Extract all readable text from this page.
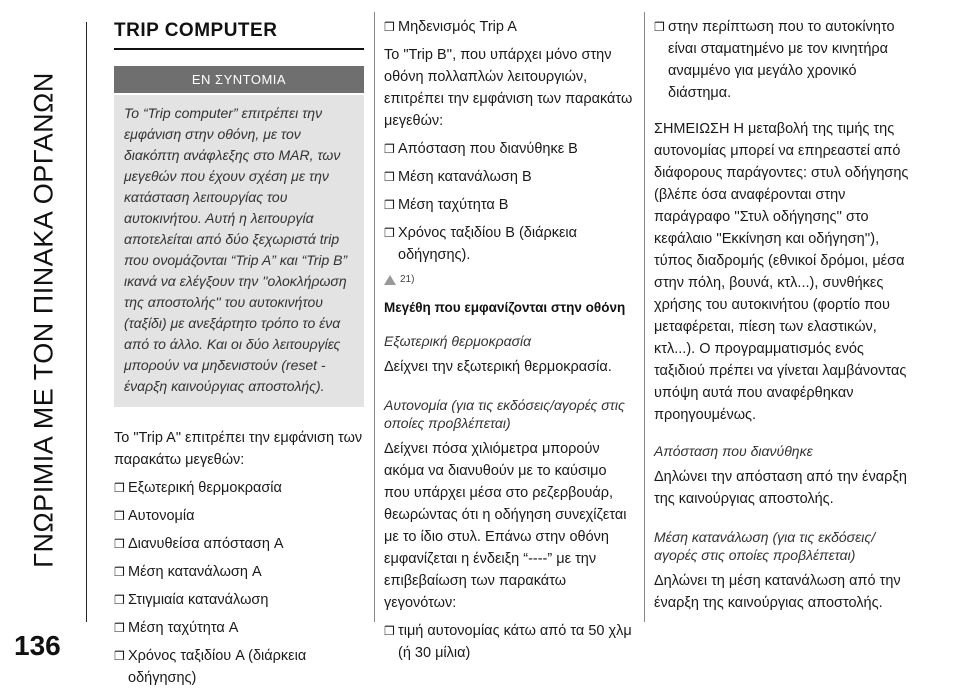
ΓΝΩΡΙΜΙΑ ΜΕ ΤΟΝ ΠΙΝΑΚΑ ΟΡΓΑΝΩΝ
136
TRIP COMPUTER
ΕΝ ΣΥΝΤΟΜΙΑ
Το “Trip computer” επιτρέπει την εμφάνιση στην οθόνη, με τον διακόπτη ανάφλεξης στο MAR, των μεγεθών που έχουν σχέση με την κατάσταση λειτουργίας του αυτοκινήτου. Αυτή η λειτουργία αποτελείται από δύο ξεχωριστά trip που ονομάζονται “Trip A” και “Trip B” ικανά να ελέγξουν την ''ολοκλήρωση της αποστολής'' του αυτοκινήτου (ταξίδι) με ανεξάρτητο τρόπο το ένα από το άλλο. Και οι δύο λειτουργίες μπορούν να μηδενιστούν (reset - έναρξη καινούργιας αποστολής).

Το "Trip A" επιτρέπει την εμφάνιση των παρακάτω μεγεθών:

❒ Εξωτερική θερμοκρασία
❒ Αυτονομία
❒ Διανυθείσα απόσταση A
❒ Μέση κατανάλωση A
❒ Στιγμιαία κατανάλωση
❒ Μέση ταχύτητα A
❒ Χρόνος ταξιδίου A (διάρκεια οδήγησης)
❒ Μηδενισμός Trip A

Το "Trip B'', που υπάρχει μόνο στην οθόνη πολλαπλών λειτουργιών, επιτρέπει την εμφάνιση των παρακάτω μεγεθών:

❒ Απόσταση που διανύθηκε B
❒ Μέση κατανάλωση B
❒ Μέση ταχύτητα B
❒ Χρόνος ταξιδίου B (διάρκεια οδήγησης).
21)
Μεγέθη που εμφανίζονται στην οθόνη
Εξωτερική θερμοκρασία

Δείχνει την εξωτερική θερμοκρασία.

Αυτονομία (για τις εκδόσεις/αγορές στις οποίες προβλέπεται)

Δείχνει πόσα χιλιόμετρα μπορούν ακόμα να διανυθούν με το καύσιμο που υπάρχει μέσα στο ρεζερβουάρ, θεωρώντας ότι η οδήγηση συνεχίζεται με το ίδιο στυλ. Επάνω στην οθόνη εμφανίζεται η ένδειξη “----” με την επιβεβαίωση των παρακάτω γεγονότων:

❒ τιμή αυτονομίας κάτω από τα 50 χλμ (ή 30 μίλια)
❒ στην περίπτωση που το αυτοκίνητο είναι σταματημένο με τον κινητήρα αναμμένο για μεγάλο χρονικό διάστημα.

ΣΗΜΕΙΩΣΗ Η μεταβολή της τιμής της αυτονομίας μπορεί να επηρεαστεί από διάφορους παράγοντες: στυλ οδήγησης (βλέπε όσα αναφέρονται στην παράγραφο ''Στυλ οδήγησης'' στο κεφάλαιο ''Εκκίνηση και οδήγηση''), τύπος διαδρομής (εθνικοί δρόμοι, μέσα στην πόλη, βουνά, κτλ...), συνθήκες χρήσης του αυτοκινήτου (φορτίο που μεταφέρεται, πίεση των ελαστικών, κτλ...). Ο προγραμματισμός ενός ταξιδιού πρέπει να γίνεται λαμβάνοντας υπόψη αυτά που αναφέρθηκαν προηγουμένως.

Απόσταση που διανύθηκε

Δηλώνει την απόσταση από την έναρξη της καινούργιας αποστολής.

Μέση κατανάλωση (για τις εκδόσεις/ αγορές στις οποίες προβλέπεται)

Δηλώνει τη μέση κατανάλωση από την έναρξη της καινούργιας αποστολής.
